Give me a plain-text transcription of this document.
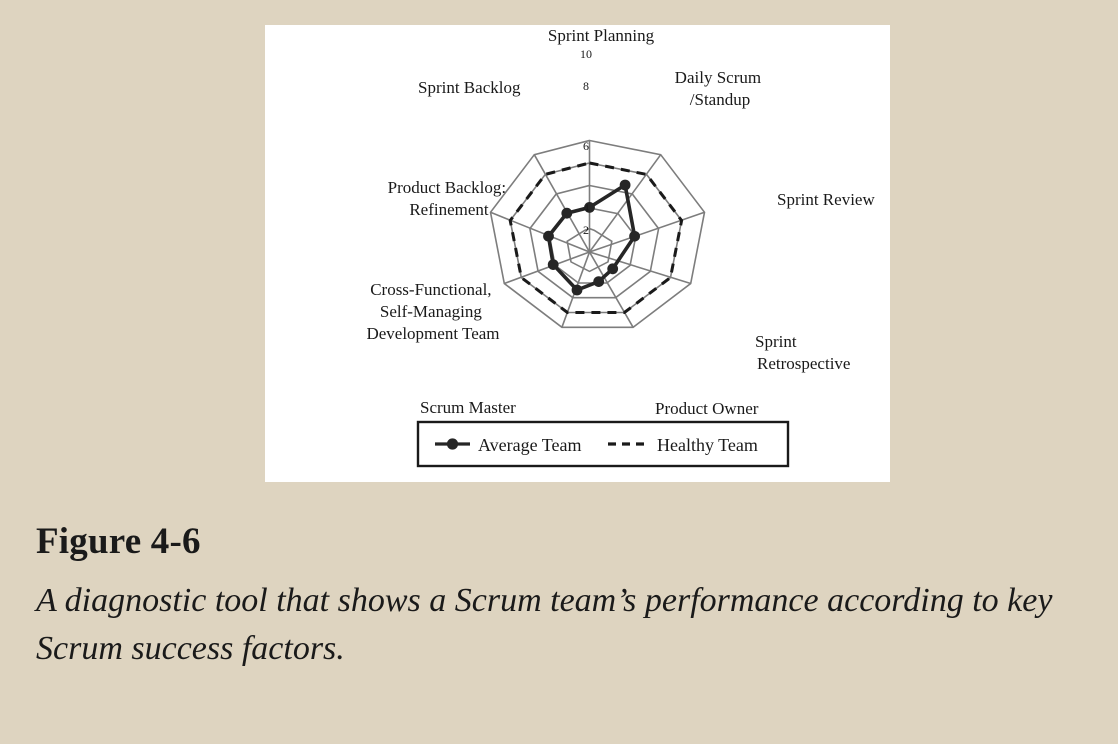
2
4
6
8
10
Sprint Planning
Daily Scrum /Standup
Sprint Review
Sprint Retrospective
Product Owner
Scrum Master
Cross-Functional, Self-Managing Development Team
Product Backlog: Refinement
Sprint Backlog
Average Team	Healthy Team
Figure 4-6
A diagnostic tool that shows a Scrum team’s performance according to key Scrum success factors.
